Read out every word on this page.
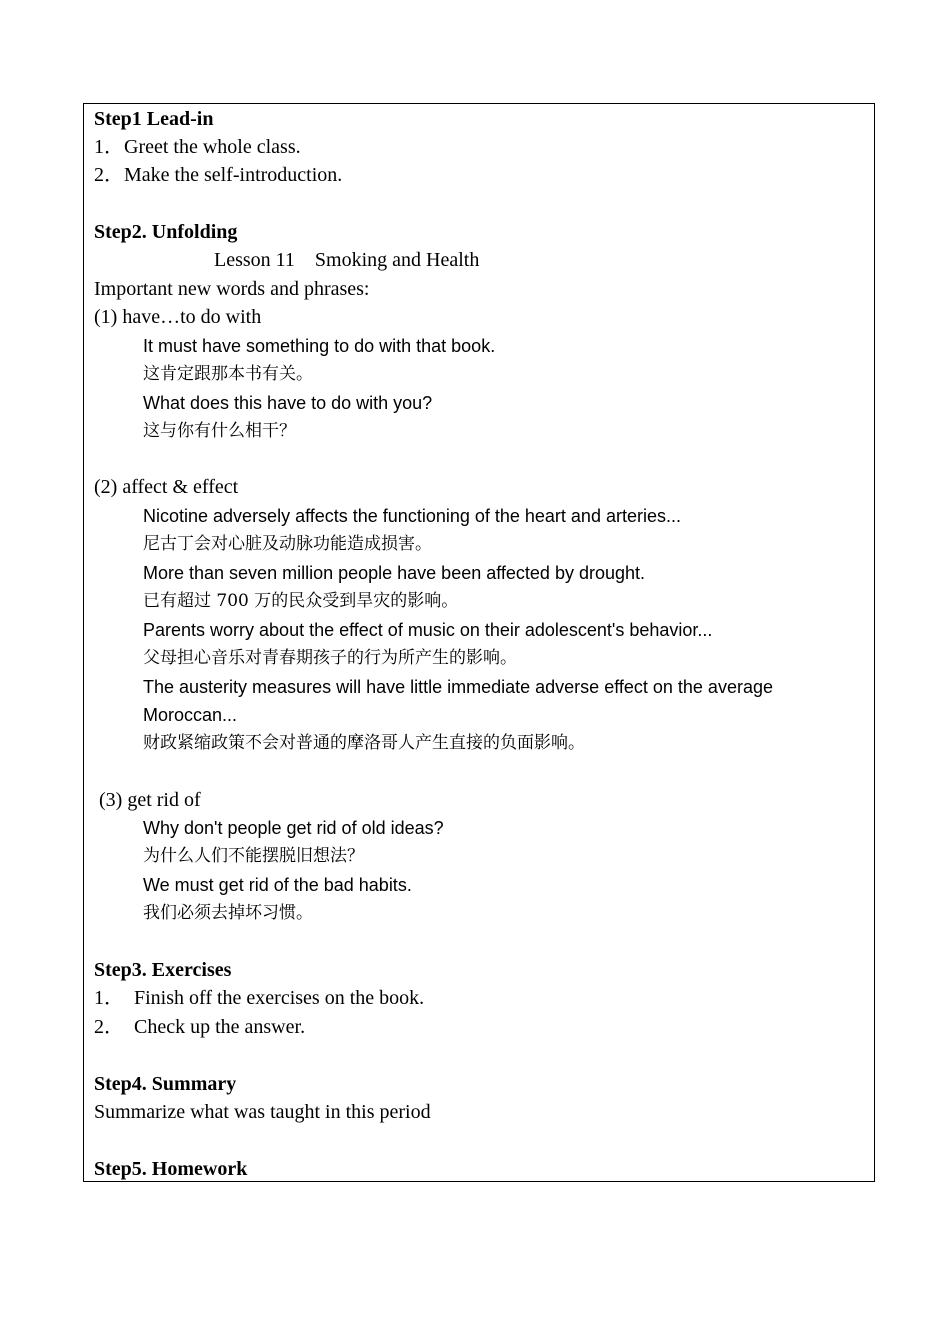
Step1 Lead-in
1．Greet the whole class.
2．Make the self-introduction.
Step2. Unfolding
Lesson 11    Smoking and Health
Important new words and phrases:
(1) have…to do with
It must have something to do with that book.
这肯定跟那本书有关。
What does this have to do with you?
这与你有什么相干？
(2) affect & effect
Nicotine adversely affects the functioning of the heart and arteries...
尼古丁会对心脏及动脉功能造成损害。
More than seven million people have been affected by drought.
已有超过 700 万的民众受到旱灾的影响。
Parents worry about the effect of music on their adolescent's behavior...
父母担心音乐对青春期孩子的行为所产生的影响。
The austerity measures will have little immediate adverse effect on the average
Moroccan...
财政紧缩政策不会对普通的摩洛哥人产生直接的负面影响。
(3) get rid of
Why don't people get rid of old ideas?
为什么人们不能摆脱旧想法？
We must get rid of the bad habits.
我们必须去掉坏习惯。
Step3. Exercises
1．  Finish off the exercises on the book.
2．  Check up the answer.
Step4. Summary
Summarize what was taught in this period
Step5. Homework
